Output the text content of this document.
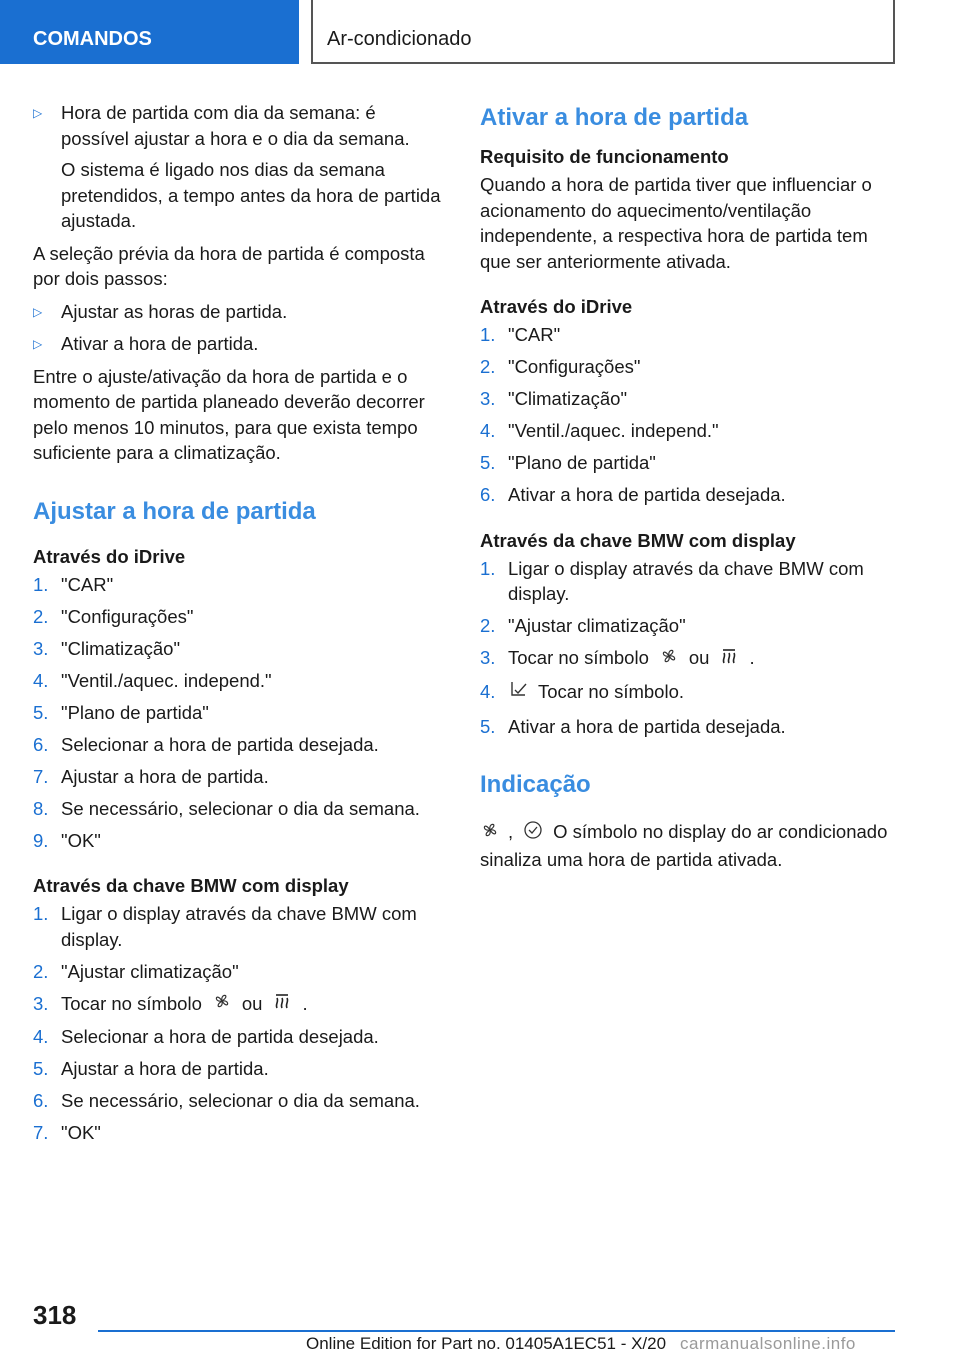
COMANDOS	Ar-condicionado
▷	Hora de partida com dia da semana: é possível ajustar a hora e o dia da semana.

O sistema é ligado nos dias da semana pretendidos, a tempo antes da hora de partida ajustada.

A seleção prévia da hora de partida é composta por dois passos:

▷	Ajustar as horas de partida.

▷	Ativar a hora de partida.

Entre o ajuste/ativação da hora de partida e o momento de partida planeado deverão decorrer pelo menos 10 minutos, para que exista tempo suficiente para a climatização.

Ajustar a hora de partida
Através do iDrive
1. "CAR"
2. "Configurações"
3. "Climatização"
4. "Ventil./aquec. independ."
5. "Plano de partida"
6. Selecionar a hora de partida desejada.
7. Ajustar a hora de partida.
8. Se necessário, selecionar o dia da semana.
9. "OK"
Através da chave BMW com display
1. Ligar o display através da chave BMW com display.
2. "Ajustar climatização"
3. Tocar no símbolo ou .
4. Selecionar a hora de partida desejada.
5. Ajustar a hora de partida.
6. Se necessário, selecionar o dia da semana.
7. "OK"
Ativar a hora de partida
Requisito de funcionamento

Quando a hora de partida tiver que influenciar o acionamento do aquecimento/ventilação independente, a respectiva hora de partida tem que ser anteriormente ativada.

Através do iDrive
1. "CAR"
2. "Configurações"
3. "Climatização"
4. "Ventil./aquec. independ."
5. "Plano de partida"
6. Ativar a hora de partida desejada.
Através da chave BMW com display
1. Ligar o display através da chave BMW com display.
2. "Ajustar climatização"
3. Tocar no símbolo ou .
4.	Tocar no símbolo.
5. Ativar a hora de partida desejada.
Indicação

, O símbolo no display do ar condicionado sinaliza uma hora de partida ativada.

318
Online Edition for Part no. 01405A1EC51 - X/20 carmanualsonline.info
